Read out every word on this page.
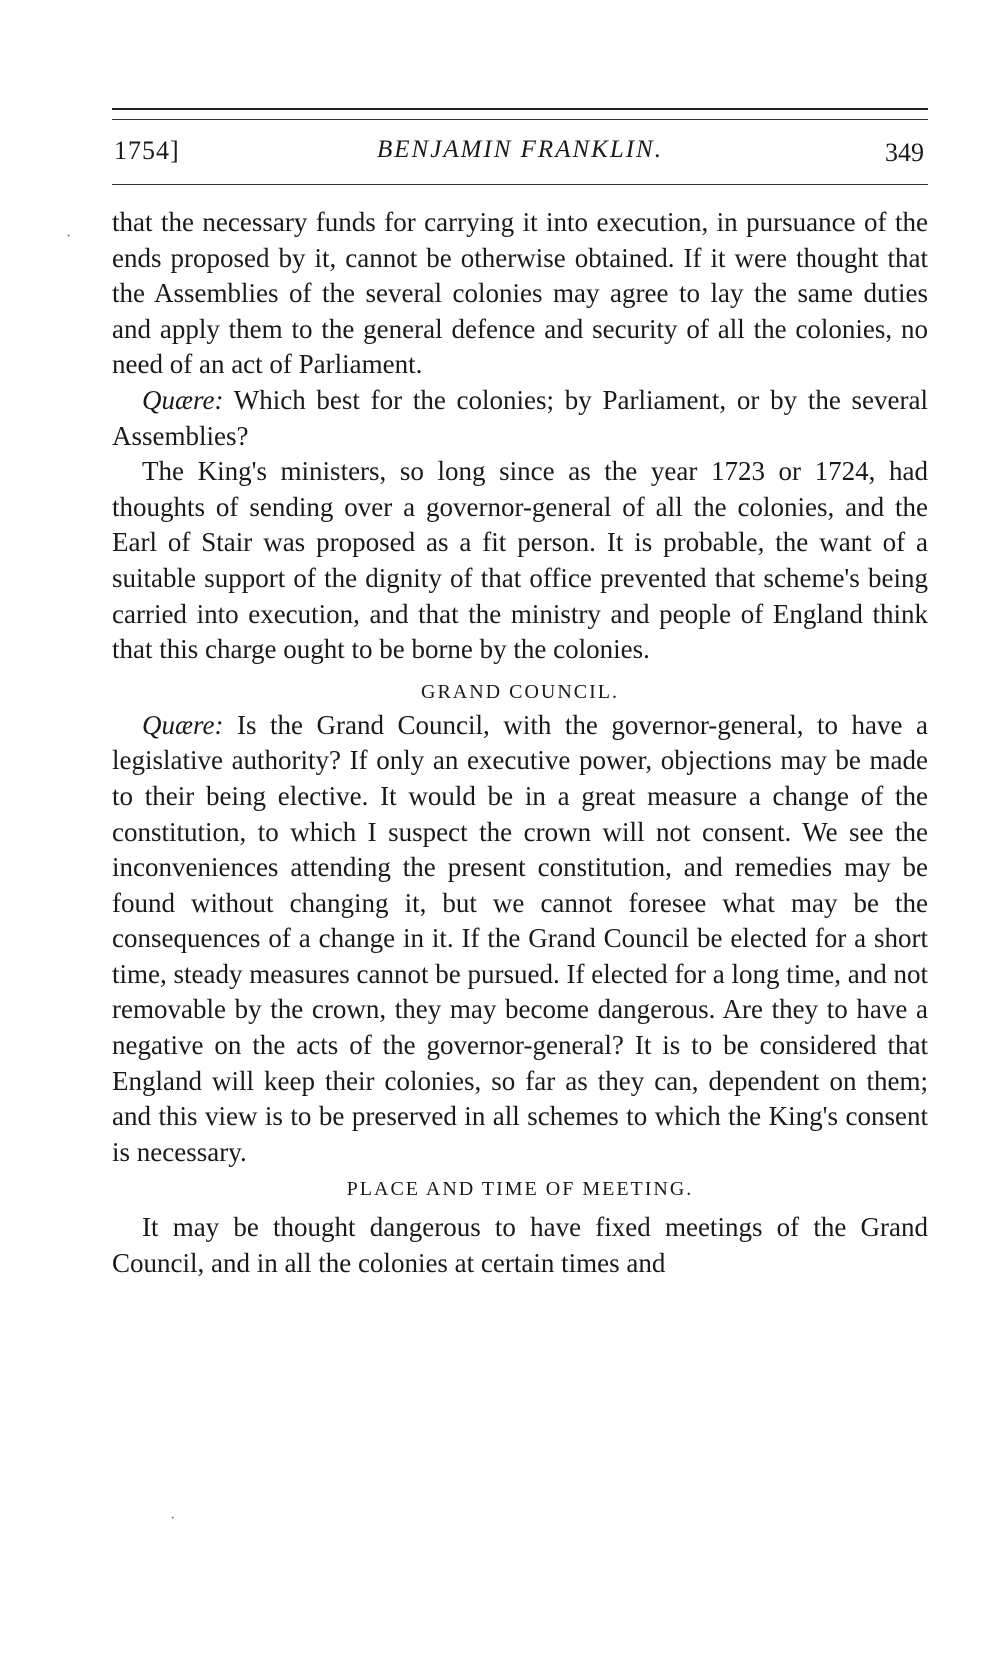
1754]	BENJAMIN FRANKLIN.	349

that the necessary funds for carrying it into execution, in pursuance of the ends proposed by it, cannot be otherwise obtained. If it were thought that the Assemblies of the several colonies may agree to lay the same duties and apply them to the general defence and security of all the colonies, no need of an act of Parliament.

Quære: Which best for the colonies; by Parliament, or by the several Assemblies?

The King's ministers, so long since as the year 1723 or 1724, had thoughts of sending over a governor-general of all the colonies, and the Earl of Stair was proposed as a fit person. It is probable, the want of a suitable support of the dignity of that office prevented that scheme's being carried into execution, and that the ministry and people of England think that this charge ought to be borne by the colonies.

GRAND COUNCIL.

Quære: Is the Grand Council, with the governor-general, to have a legislative authority? If only an executive power, objections may be made to their being elective. It would be in a great measure a change of the constitution, to which I suspect the crown will not consent. We see the inconveniences attending the present constitution, and remedies may be found without changing it, but we cannot foresee what may be the consequences of a change in it. If the Grand Council be elected for a short time, steady measures cannot be pursued. If elected for a long time, and not removable by the crown, they may become dangerous. Are they to have a negative on the acts of the governor-general? It is to be considered that England will keep their colonies, so far as they can, dependent on them; and this view is to be preserved in all schemes to which the King's consent is necessary.

PLACE AND TIME OF MEETING.

It may be thought dangerous to have fixed meetings of the Grand Council, and in all the colonies at certain times and

·
·
